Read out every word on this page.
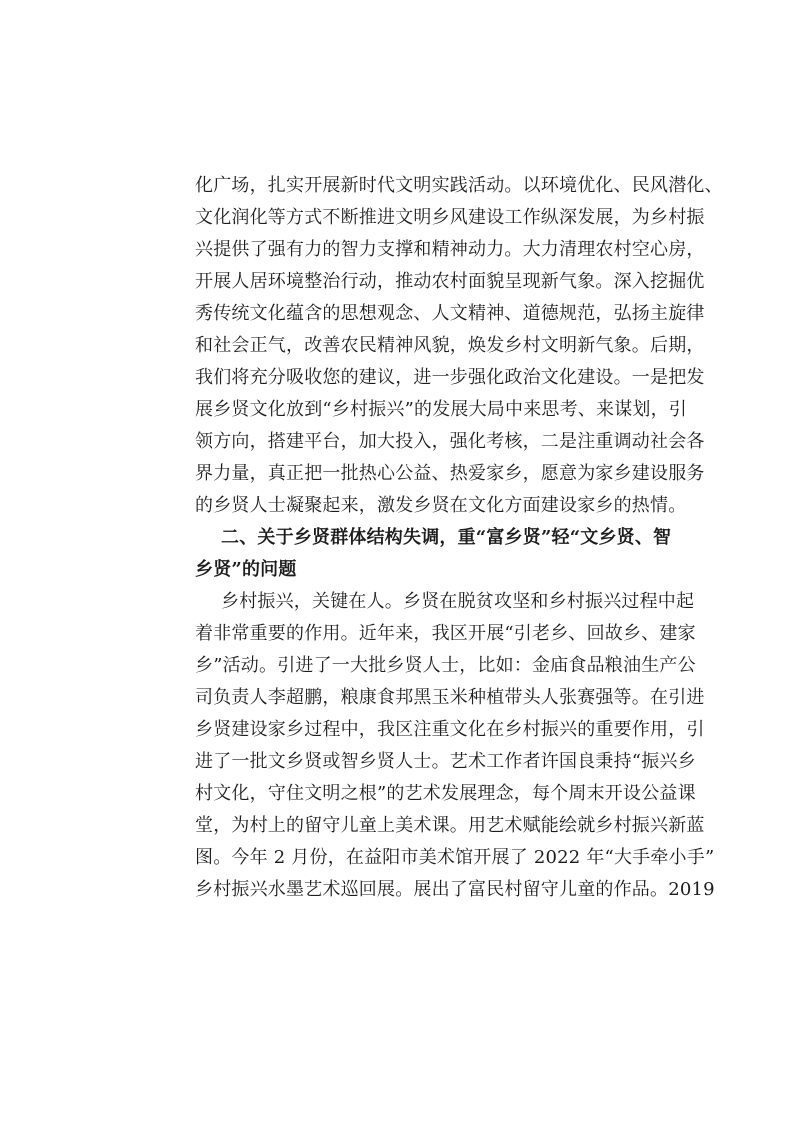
化广场，扎实开展新时代文明实践活动。以环境优化、民风潜化、
文化润化等方式不断推进文明乡风建设工作纵深发展，为乡村振
兴提供了强有力的智力支撑和精神动力。大力清理农村空心房，
开展人居环境整治行动，推动农村面貌呈现新气象。深入挖掘优
秀传统文化蕴含的思想观念、人文精神、道德规范，弘扬主旋律
和社会正气，改善农民精神风貌，焕发乡村文明新气象。后期，
我们将充分吸收您的建议，进一步强化政治文化建设。一是把发
展乡贤文化放到“乡村振兴”的发展大局中来思考、来谋划，引
领方向，搭建平台，加大投入，强化考核，二是注重调动社会各
界力量，真正把一批热心公益、热爱家乡，愿意为家乡建设服务
的乡贤人士凝聚起来，激发乡贤在文化方面建设家乡的热情。
二、关于乡贤群体结构失调，重“富乡贤”轻“文乡贤、智
乡贤”的问题
乡村振兴，关键在人。乡贤在脱贫攻坚和乡村振兴过程中起
着非常重要的作用。近年来，我区开展“引老乡、回故乡、建家
乡”活动。引进了一大批乡贤人士，比如：金庙食品粮油生产公
司负责人李超鹏，粮康食邦黑玉米种植带头人张赛强等。在引进
乡贤建设家乡过程中，我区注重文化在乡村振兴的重要作用，引
进了一批文乡贤或智乡贤人士。艺术工作者许国良秉持“振兴乡
村文化，守住文明之根”的艺术发展理念，每个周末开设公益课
堂，为村上的留守儿童上美术课。用艺术赋能绘就乡村振兴新蓝
图。今年 2 月份，在益阳市美术馆开展了 2022 年“大手牵小手”
乡村振兴水墨艺术巡回展。展出了富民村留守儿童的作品。2019
